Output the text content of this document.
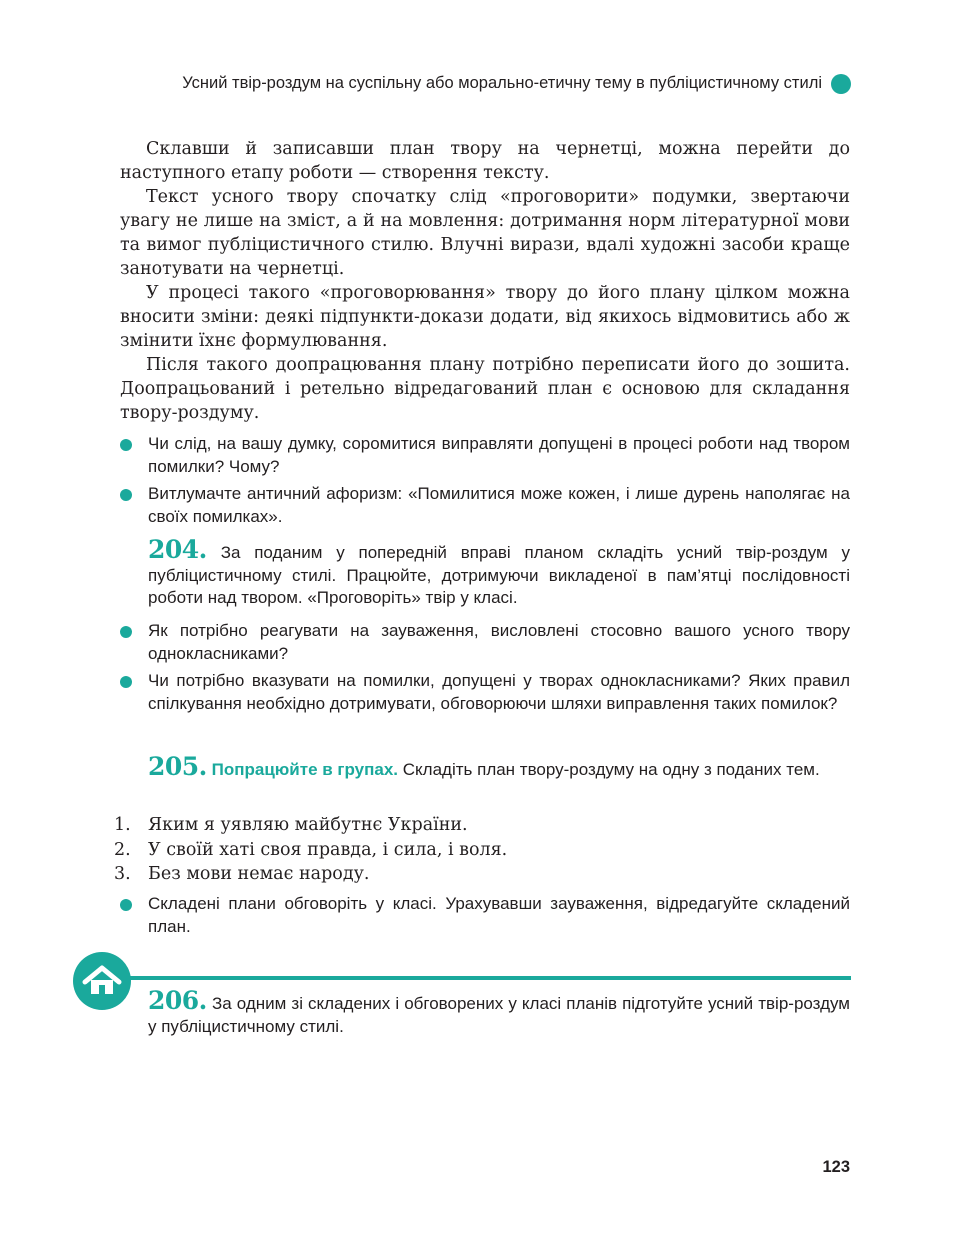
Усний твір-роздум на суспільну або морально-етичну тему в публіцистичному стилі

Склавши й записавши план твору на чернетці, можна перейти до наступного етапу роботи — створення тексту.

Текст усного твору спочатку слід «проговорити» подумки, звертаючи увагу не лише на зміст, а й на мовлення: дотримання норм літературної мови та вимог публіцистичного стилю. Влучні вирази, вдалі художні засоби краще занотувати на чернетці.

У процесі такого «проговорювання» твору до його плану цілком можна вносити зміни: деякі підпункти-докази додати, від якихось відмовитись або ж змінити їхнє формулювання.

Після такого доопрацювання плану потрібно переписати його до зошита. Доопрацьований і ретельно відредагований план є основою для складання твору-роздуму.

Чи слід, на вашу думку, соромитися виправляти допущені в процесі роботи над твором помилки? Чому?
Витлумачте античний афоризм: «Помилитися може кожен, і лише дурень наполягає на своїх помилках».
204. За поданим у попередній вправі планом складіть усний твір-роздум у публіцистичному стилі. Працюйте, дотримуючи викладеної в пам’ятці послідовності роботи над твором. «Проговоріть» твір у класі.
Як потрібно реагувати на зауваження, висловлені стосовно вашого усного твору однокласниками?
Чи потрібно вказувати на помилки, допущені у творах однокласниками? Яких правил спілкування необхідно дотримувати, обговорюючи шляхи виправлення таких помилок?
205. Попрацюйте в групах. Складіть план твору-роздуму на одну з поданих тем.
1. Яким я уявляю майбутнє України.
2. У своїй хаті своя правда, і сила, і воля.
3. Без мови немає народу.
Складені плани обговоріть у класі. Урахувавши зауваження, відредагуйте складений план.
206. За одним зі складених і обговорених у класі планів підготуйте усний твір-роздум у публіцистичному стилі.
123
